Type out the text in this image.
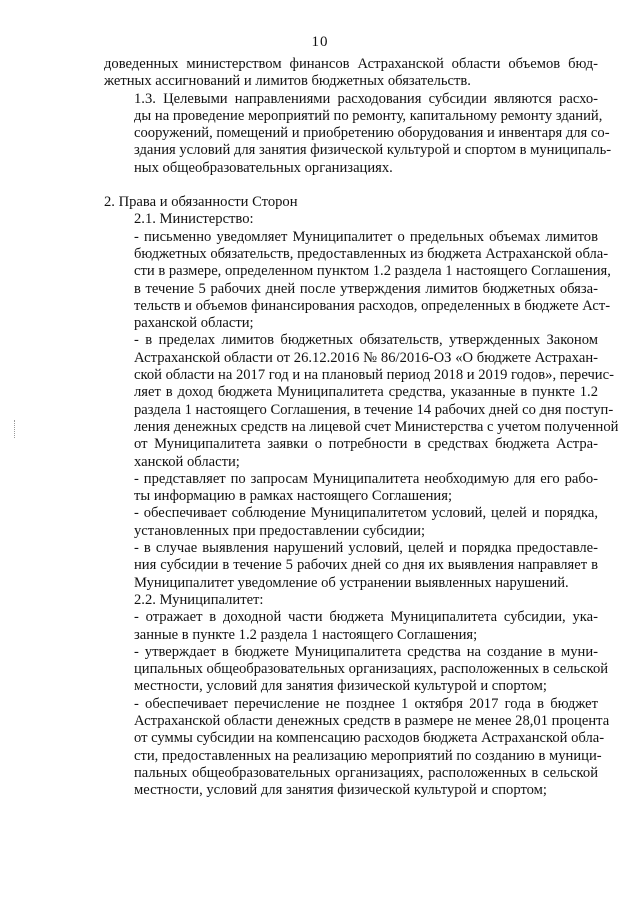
10

доведенных министерством финансов Астраханской области объемов бюд-
жетных ассигнований и лимитов бюджетных обязательств.

1.3. Целевыми направлениями расходования субсидии являются расхо-
ды на проведение мероприятий по ремонту, капитальному ремонту зданий,
сооружений, помещений и приобретению оборудования и инвентаря для со-
здания условий для занятия физической культурой и спортом в муниципаль-
ных общеобразовательных организациях.

2. Права и обязанности Сторон

2.1. Министерство:

- письменно уведомляет Муниципалитет о предельных объемах лимитов
бюджетных обязательств, предоставленных из бюджета Астраханской обла-
сти в размере, определенном пунктом 1.2 раздела 1 настоящего Соглашения,
в течение 5 рабочих дней после утверждения лимитов бюджетных обяза-
тельств и объемов финансирования расходов, определенных в бюджете Аст-
раханской области;

- в пределах лимитов бюджетных обязательств, утвержденных Законом
Астраханской области от 26.12.2016 № 86/2016-ОЗ «О бюджете Астрахан-
ской области на 2017 год и на плановый период 2018 и 2019 годов», перечис-
ляет в доход бюджета Муниципалитета средства, указанные в пункте 1.2
раздела 1 настоящего Соглашения, в течение 14 рабочих дней со дня поступ-
ления денежных средств на лицевой счет Министерства с учетом полученной
от Муниципалитета заявки о потребности в средствах бюджета Астра-
ханской области;

- представляет по запросам Муниципалитета необходимую для его рабо-
ты информацию в рамках настоящего Соглашения;

- обеспечивает соблюдение Муниципалитетом условий, целей и порядка,
установленных при предоставлении субсидии;

- в случае выявления нарушений условий, целей и порядка предоставле-
ния субсидии в течение 5 рабочих дней со дня их выявления направляет в
Муниципалитет уведомление об устранении выявленных нарушений.

2.2. Муниципалитет:

- отражает в доходной части бюджета Муниципалитета субсидии, ука-
занные в пункте 1.2 раздела 1 настоящего Соглашения;

- утверждает в бюджете Муниципалитета средства на создание в муни-
ципальных общеобразовательных организациях, расположенных в сельской
местности, условий для занятия физической культурой и спортом;

- обеспечивает перечисление не позднее 1 октября 2017 года в бюджет
Астраханской области денежных средств в размере не менее 28,01 процента
от суммы субсидии на компенсацию расходов бюджета Астраханской обла-
сти, предоставленных на реализацию мероприятий по созданию в муници-
пальных общеобразовательных организациях, расположенных в сельской
местности, условий для занятия физической культурой и спортом;
